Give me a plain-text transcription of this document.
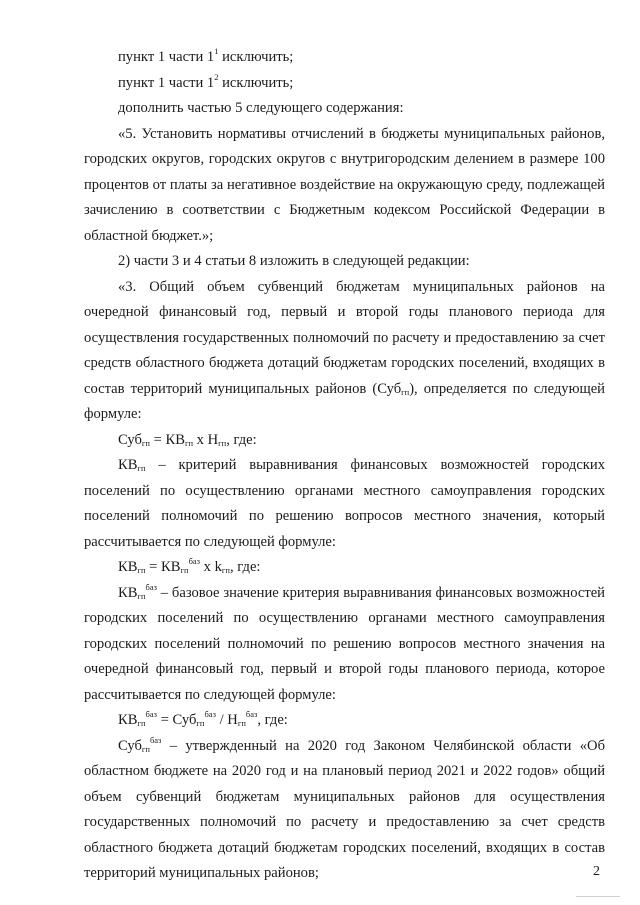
пункт 1 части $1^1$ исключить;

пункт 1 части $1^2$ исключить;

дополнить частью 5 следующего содержания:

«5. Установить нормативы отчислений в бюджеты муниципальных районов, городских округов, городских округов с внутригородским делением в размере 100 процентов от платы за негативное воздействие на окружающую среду, подлежащей зачислению в соответствии с Бюджетным кодексом Российской Федерации в областной бюджет.»;

2) части 3 и 4 статьи 8 изложить в следующей редакции:

«3. Общий объем субвенций бюджетам муниципальных районов на очередной финансовый год, первый и второй годы планового периода для осуществления государственных полномочий по расчету и предоставлению за счет средств областного бюджета дотаций бюджетам городских поселений, входящих в состав территорий муниципальных районов (Суб$_{гп}$), определяется по следующей формуле:

$Суб_{гп} = КВ_{гп}$ х $Н_{гп}$, где:

$КВ_{гп}$ – критерий выравнивания финансовых возможностей городских поселений по осуществлению органами местного самоуправления городских поселений полномочий по решению вопросов местного значения, который рассчитывается по следующей формуле:

$КВ_{гп} = КВ_{гп}^{баз}$ х $k_{гп}$, где:

$КВ_{гп}^{баз}$ – базовое значение критерия выравнивания финансовых возможностей городских поселений по осуществлению органами местного самоуправления городских поселений полномочий по решению вопросов местного значения на очередной финансовый год, первый и второй годы планового периода, которое рассчитывается по следующей формуле:

$КВ_{гп}^{баз} = Суб_{гп}^{баз} / Н_{гп}^{баз}$, где:

Суб$_{гп}^{баз}$ – утвержденный на 2020 год Законом Челябинской области «Об областном бюджете на 2020 год и на плановый период 2021 и 2022 годов» общий объем субвенций бюджетам муниципальных районов для осуществления государственных полномочий по расчету и предоставлению за счет средств областного бюджета дотаций бюджетам городских поселений, входящих в состав территорий муниципальных районов;	2
